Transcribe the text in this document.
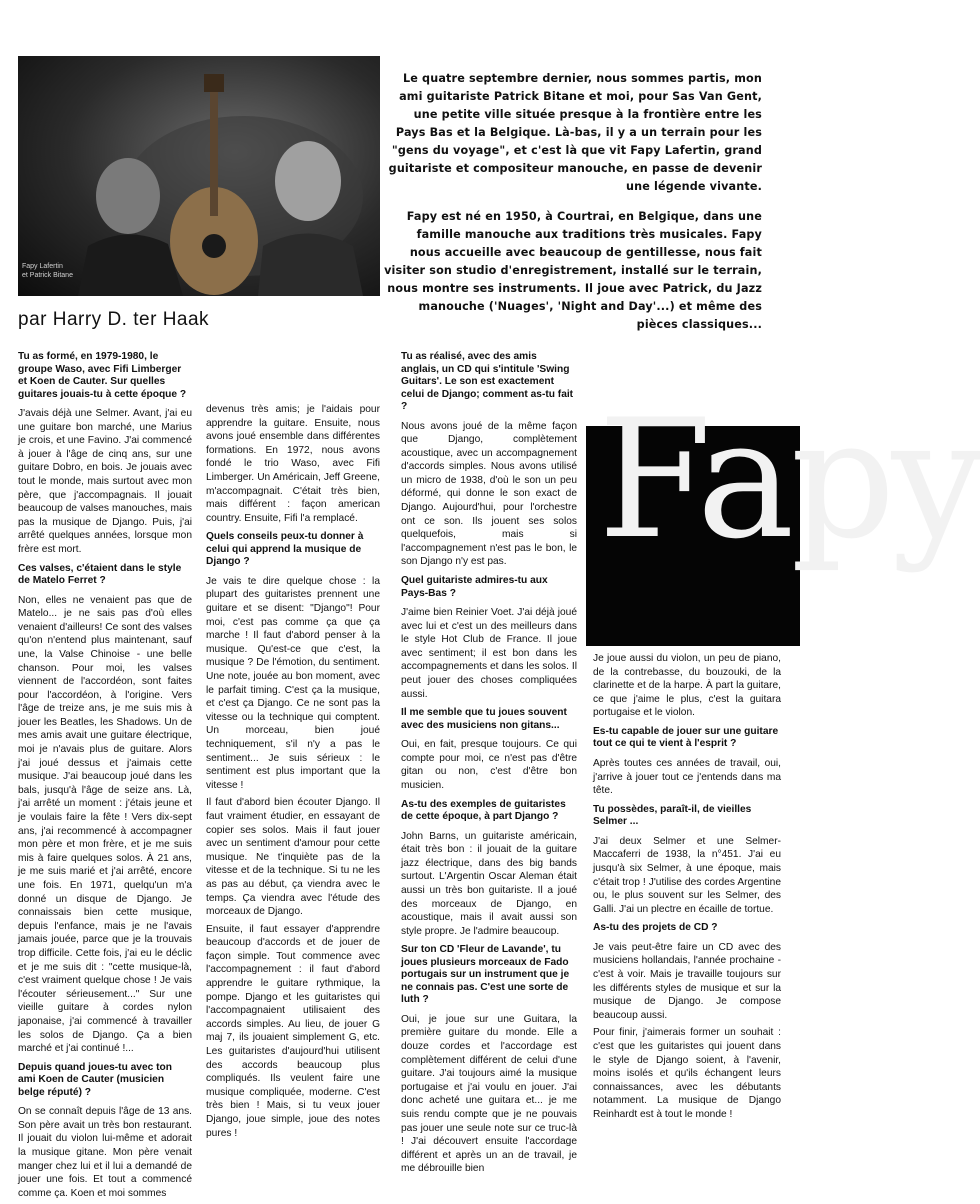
Fapy Lafertin
et Patrick Bitane

Le quatre septembre dernier, nous sommes partis, mon ami guitariste Patrick Bitane et moi, pour Sas Van Gent, une petite ville située presque à la frontière entre les Pays Bas et la Belgique. Là-bas, il y a un terrain pour les "gens du voyage", et c'est là que vit Fapy Lafertin, grand guitariste et compositeur manouche, en passe de devenir une légende vivante.

Fapy est né en 1950, à Courtrai, en Belgique, dans une famille manouche aux traditions très musicales. Fapy nous accueille avec beaucoup de gentillesse, nous fait visiter son studio d'enregistrement, installé sur le terrain, nous montre ses instruments. Il joue avec Patrick, du Jazz manouche ('Nuages', 'Night and Day'...) et même des pièces classiques...

par Harry D. ter Haak
Fapy
Tu as formé, en 1979-1980, le groupe Waso, avec Fifi Limberger et Koen de Cauter. Sur quelles guitares jouais-tu à cette époque ?

J'avais déjà une Selmer. Avant, j'ai eu une guitare bon marché, une Marius je crois, et une Favino. J'ai commencé à jouer à l'âge de cinq ans, sur une guitare Dobro, en bois. Je jouais avec tout le monde, mais surtout avec mon père, que j'accompagnais. Il jouait beaucoup de valses manouches, mais pas la musique de Django. Puis, j'ai arrêté quelques années, lorsque mon frère est mort.

Ces valses, c'étaient dans le style de Matelo Ferret ?

Non, elles ne venaient pas que de Matelo... je ne sais pas d'où elles venaient d'ailleurs! Ce sont des valses qu'on n'entend plus maintenant, sauf une, la Valse Chinoise - une belle chanson. Pour moi, les valses viennent de l'accordéon, sont faites pour l'accordéon, à l'origine. Vers l'âge de treize ans, je me suis mis à jouer les Beatles, les Shadows. Un de mes amis avait une guitare électrique, moi je n'avais plus de guitare. Alors j'ai joué dessus et j'aimais cette musique. J'ai beaucoup joué dans les bals, jusqu'à l'âge de seize ans. Là, j'ai arrêté un moment : j'étais jeune et je voulais faire la fête ! Vers dix-sept ans, j'ai recommencé à accompagner mon père et mon frère, et je me suis mis à faire quelques solos. À 21 ans, je me suis marié et j'ai arrêté, encore une fois. En 1971, quelqu'un m'a donné un disque de Django. Je connaissais bien cette musique, depuis l'enfance, mais je ne l'avais jamais jouée, parce que je la trouvais trop difficile. Cette fois, j'ai eu le déclic et je me suis dit : "cette musique-là, c'est vraiment quelque chose ! Je vais l'écouter sérieusement..." Sur une vieille guitare à cordes nylon japonaise, j'ai commencé à travailler les solos de Django. Ça a bien marché et j'ai continué !...

Depuis quand joues-tu avec ton ami Koen de Cauter (musicien belge réputé) ?

On se connaît depuis l'âge de 13 ans. Son père avait un très bon restaurant. Il jouait du violon lui-même et adorait la musique gitane. Mon père venait manger chez lui et il lui a demandé de jouer une fois. Et tout a commencé comme ça. Koen et moi sommes

devenus très amis; je l'aidais pour apprendre la guitare. Ensuite, nous avons joué ensemble dans différentes formations. En 1972, nous avons fondé le trio Waso, avec Fifi Limberger. Un Américain, Jeff Greene, m'accompagnait. C'était très bien, mais différent : façon american country. Ensuite, Fifi l'a remplacé.

Quels conseils peux-tu donner à celui qui apprend la musique de Django ?

Je vais te dire quelque chose : la plupart des guitaristes prennent une guitare et se disent: "Django"! Pour moi, c'est pas comme ça que ça marche ! Il faut d'abord penser à la musique. Qu'est-ce que c'est, la musique ? De l'émotion, du sentiment. Une note, jouée au bon moment, avec le parfait timing. C'est ça la musique, et c'est ça Django. Ce ne sont pas la vitesse ou la technique qui comptent. Un morceau, bien joué techniquement, s'il n'y a pas le sentiment... Je suis sérieux : le sentiment est plus important que la vitesse !

Il faut d'abord bien écouter Django. Il faut vraiment étudier, en essayant de copier ses solos. Mais il faut jouer avec un sentiment d'amour pour cette musique. Ne t'inquiète pas de la vitesse et de la technique. Si tu ne les as pas au début, ça viendra avec le temps. Ça viendra avec l'étude des morceaux de Django.

Ensuite, il faut essayer d'apprendre beaucoup d'accords et de jouer de façon simple. Tout commence avec l'accompagnement : il faut d'abord apprendre le guitare rythmique, la pompe. Django et les guitaristes qui l'accompagnaient utilisaient des accords simples. Au lieu, de jouer G maj 7, ils jouaient simplement G, etc. Les guitaristes d'aujourd'hui utilisent des accords beaucoup plus compliqués. Ils veulent faire une musique compliquée, moderne. C'est très bien ! Mais, si tu veux jouer Django, joue simple, joue des notes pures !

Tu as réalisé, avec des amis anglais, un CD qui s'intitule 'Swing Guitars'. Le son est exactement celui de Django; comment as-tu fait ?

Nous avons joué de la même façon que Django, complètement acoustique, avec un accompagnement d'accords simples. Nous avons utilisé un micro de 1938, d'où le son un peu déformé, qui donne le son exact de Django. Aujourd'hui, pour l'orchestre ont ce son. Ils jouent ses solos quelquefois, mais si l'accompagnement n'est pas le bon, le son Django n'y est pas.

Quel guitariste admires-tu aux Pays-Bas ?

J'aime bien Reinier Voet. J'ai déjà joué avec lui et c'est un des meilleurs dans le style Hot Club de France. Il joue avec sentiment; il est bon dans les accompagnements et dans les solos. Il peut jouer des choses compliquées aussi.

Il me semble que tu joues souvent avec des musiciens non gitans...

Oui, en fait, presque toujours. Ce qui compte pour moi, ce n'est pas d'être gitan ou non, c'est d'être bon musicien.

As-tu des exemples de guitaristes de cette époque, à part Django ?

John Barns, un guitariste américain, était très bon : il jouait de la guitare jazz électrique, dans des big bands surtout. L'Argentin Oscar Aleman était aussi un très bon guitariste. Il a joué des morceaux de Django, en acoustique, mais il avait aussi son style propre. Je l'admire beaucoup.

Sur ton CD 'Fleur de Lavande', tu joues plusieurs morceaux de Fado portugais sur un instrument que je ne connais pas. C'est une sorte de luth ?

Oui, je joue sur une Guitara, la première guitare du monde. Elle a douze cordes et l'accordage est complètement différent de celui d'une guitare. J'ai toujours aimé la musique portugaise et j'ai voulu en jouer. J'ai donc acheté une guitara et... je me suis rendu compte que je ne pouvais pas jouer une seule note sur ce truc-là ! J'ai découvert ensuite l'accordage différent et après un an de travail, je me débrouille bien

Je joue aussi du violon, un peu de piano, de la contrebasse, du bouzouki, de la clarinette et de la harpe. À part la guitare, ce que j'aime le plus, c'est la guitara portugaise et le violon.

Es-tu capable de jouer sur une guitare tout ce qui te vient à l'esprit ?

Après toutes ces années de travail, oui, j'arrive à jouer tout ce j'entends dans ma tête.

Tu possèdes, paraît-il, de vieilles Selmer ...

J'ai deux Selmer et une Selmer-Maccaferri de 1938, la n°451. J'ai eu jusqu'à six Selmer, à une époque, mais c'était trop ! J'utilise des cordes Argentine ou, le plus souvent sur les Selmer, des Galli. J'ai un plectre en écaille de tortue.

As-tu des projets de CD ?

Je vais peut-être faire un CD avec des musiciens hollandais, l'année prochaine - c'est à voir. Mais je travaille toujours sur les différents styles de musique et sur la musique de Django. Je compose beaucoup aussi.

Pour finir, j'aimerais former un souhait : c'est que les guitaristes qui jouent dans le style de Django soient, à l'avenir, moins isolés et qu'ils échangent leurs connaissances, avec les débutants notamment. La musique de Django Reinhardt est à tout le monde !
